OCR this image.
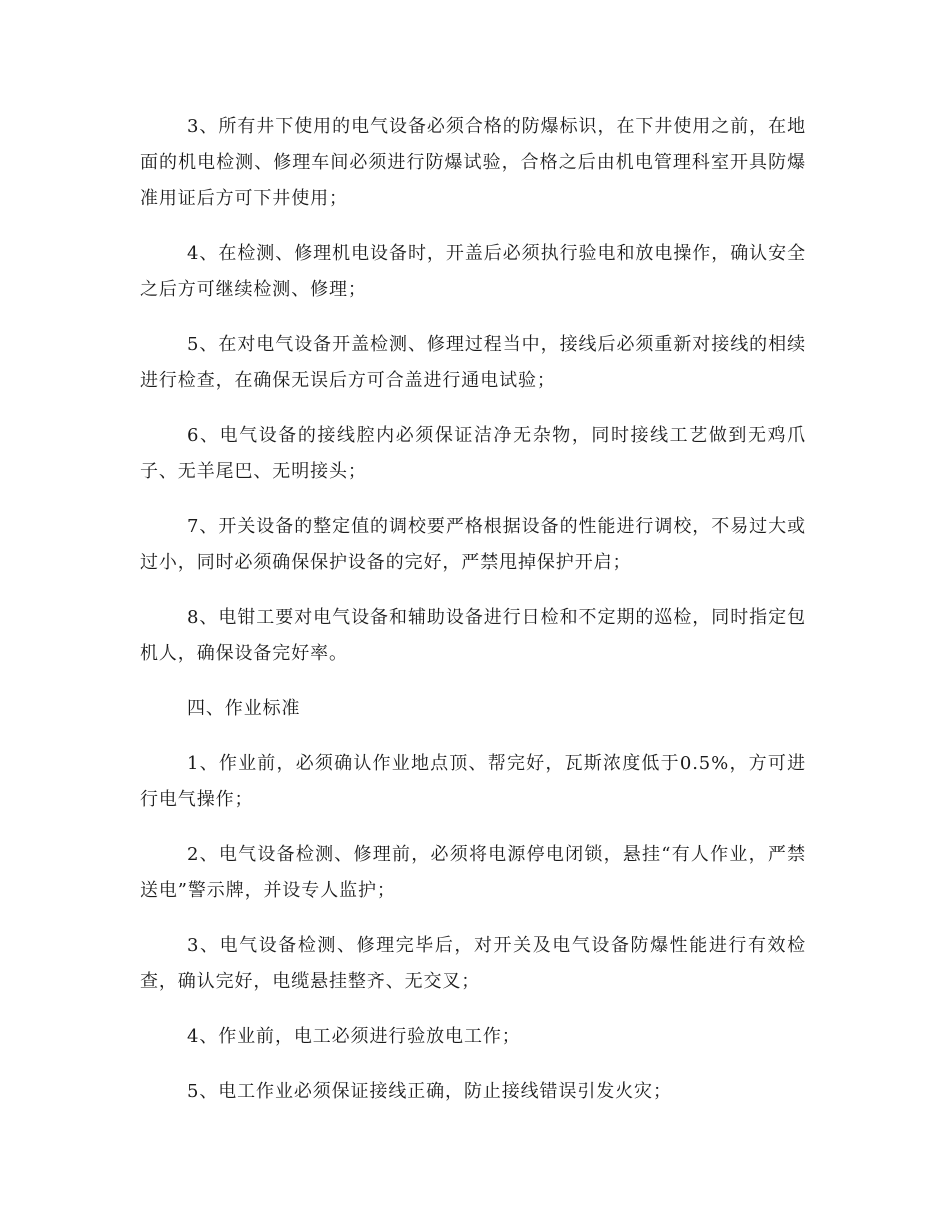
3、所有井下使用的电气设备必须合格的防爆标识，在下井使用之前，在地面的机电检测、修理车间必须进行防爆试验，合格之后由机电管理科室开具防爆准用证后方可下井使用；

4、在检测、修理机电设备时，开盖后必须执行验电和放电操作，确认安全之后方可继续检测、修理；

5、在对电气设备开盖检测、修理过程当中，接线后必须重新对接线的相续进行检查，在确保无误后方可合盖进行通电试验；

6、电气设备的接线腔内必须保证洁净无杂物，同时接线工艺做到无鸡爪子、无羊尾巴、无明接头；

7、开关设备的整定值的调校要严格根据设备的性能进行调校，不易过大或过小，同时必须确保保护设备的完好，严禁甩掉保护开启；

8、电钳工要对电气设备和辅助设备进行日检和不定期的巡检，同时指定包机人，确保设备完好率。

四、作业标准

1、作业前，必须确认作业地点顶、帮完好，瓦斯浓度低于0.5%，方可进行电气操作；

2、电气设备检测、修理前，必须将电源停电闭锁，悬挂“有人作业，严禁送电”警示牌，并设专人监护；

3、电气设备检测、修理完毕后，对开关及电气设备防爆性能进行有效检查，确认完好，电缆悬挂整齐、无交叉；

4、作业前，电工必须进行验放电工作；

5、电工作业必须保证接线正确，防止接线错误引发火灾；
